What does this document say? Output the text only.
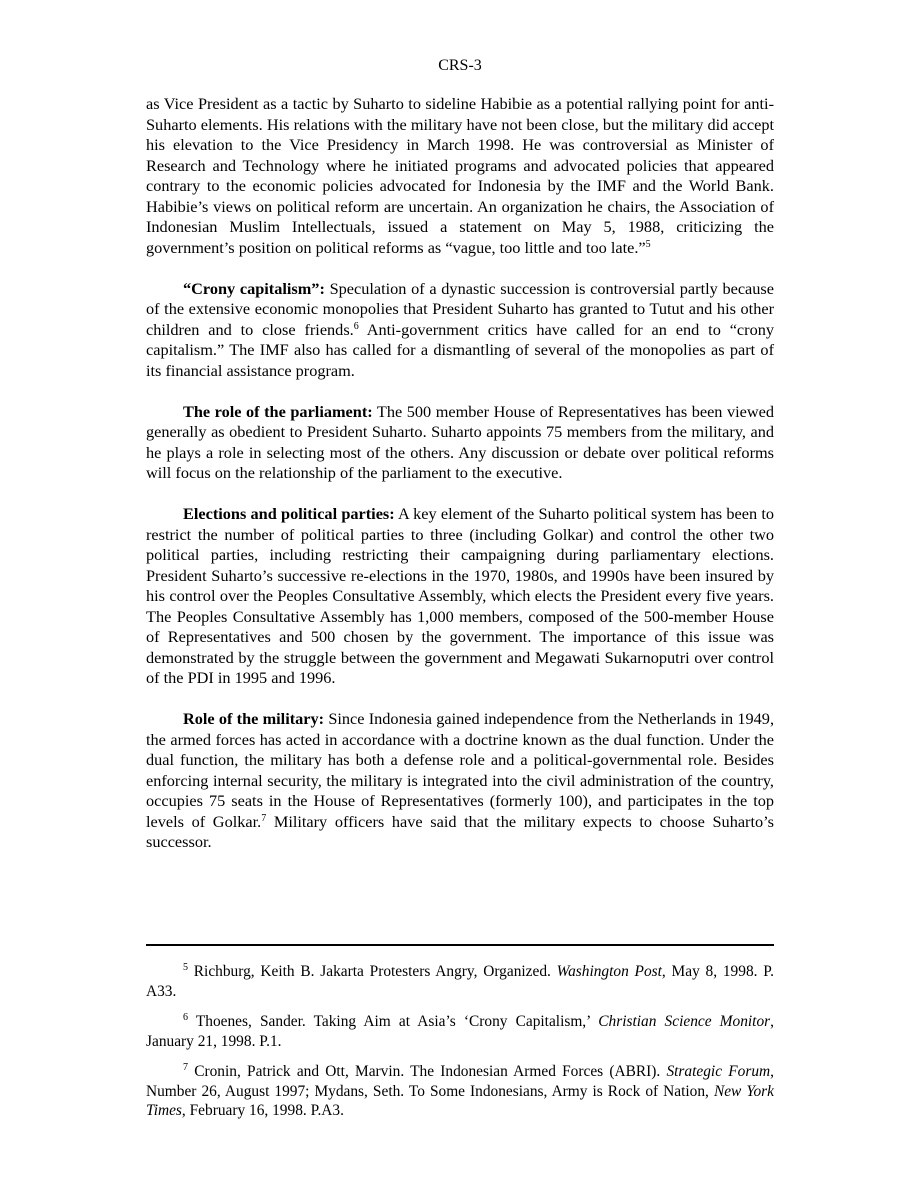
CRS-3

as Vice President as a tactic by Suharto to sideline Habibie as a potential rallying point for anti-Suharto elements. His relations with the military have not been close, but the military did accept his elevation to the Vice Presidency in March 1998. He was controversial as Minister of Research and Technology where he initiated programs and advocated policies that appeared contrary to the economic policies advocated for Indonesia by the IMF and the World Bank. Habibie’s views on political reform are uncertain. An organization he chairs, the Association of Indonesian Muslim Intellectuals, issued a statement on May 5, 1988, criticizing the government’s position on political reforms as “vague, too little and too late.”$^5$

“Crony capitalism”: Speculation of a dynastic succession is controversial partly because of the extensive economic monopolies that President Suharto has granted to Tutut and his other children and to close friends.$^6$ Anti-government critics have called for an end to “crony capitalism.” The IMF also has called for a dismantling of several of the monopolies as part of its financial assistance program.

The role of the parliament: The 500 member House of Representatives has been viewed generally as obedient to President Suharto. Suharto appoints 75 members from the military, and he plays a role in selecting most of the others. Any discussion or debate over political reforms will focus on the relationship of the parliament to the executive.

Elections and political parties: A key element of the Suharto political system has been to restrict the number of political parties to three (including Golkar) and control the other two political parties, including restricting their campaigning during parliamentary elections. President Suharto’s successive re-elections in the 1970, 1980s, and 1990s have been insured by his control over the Peoples Consultative Assembly, which elects the President every five years. The Peoples Consultative Assembly has 1,000 members, composed of the 500-member House of Representatives and 500 chosen by the government. The importance of this issue was demonstrated by the struggle between the government and Megawati Sukarnoputri over control of the PDI in 1995 and 1996.

Role of the military: Since Indonesia gained independence from the Netherlands in 1949, the armed forces has acted in accordance with a doctrine known as the dual function. Under the dual function, the military has both a defense role and a political-governmental role. Besides enforcing internal security, the military is integrated into the civil administration of the country, occupies 75 seats in the House of Representatives (formerly 100), and participates in the top levels of Golkar.$^7$ Military officers have said that the military expects to choose Suharto’s successor.

$^5$ Richburg, Keith B. Jakarta Protesters Angry, Organized. Washington Post, May 8, 1998. P. A33.

$^6$ Thoenes, Sander. Taking Aim at Asia’s ‘Crony Capitalism,’ Christian Science Monitor, January 21, 1998. P.1.

$^7$ Cronin, Patrick and Ott, Marvin. The Indonesian Armed Forces (ABRI). Strategic Forum, Number 26, August 1997; Mydans, Seth. To Some Indonesians, Army is Rock of Nation, New York Times, February 16, 1998. P.A3.
